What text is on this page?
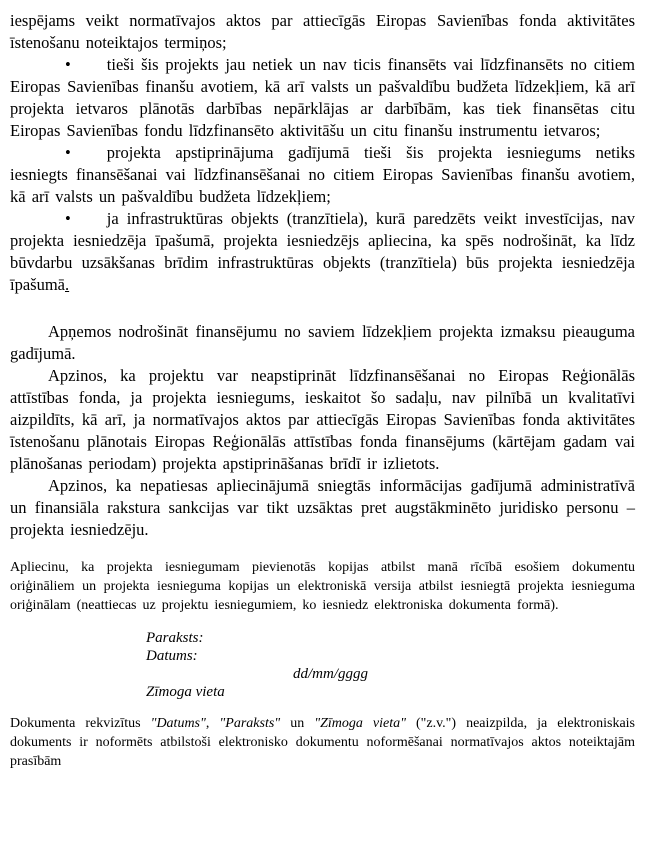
iespējams veikt normatīvajos aktos par attiecīgās Eiropas Savienības fonda aktivitātes īstenošanu noteiktajos termiņos;

• tieši šis projekts jau netiek un nav ticis finansēts vai līdzfinansēts no citiem Eiropas Savienības finanšu avotiem, kā arī valsts un pašvaldību budžeta līdzekļiem, kā arī projekta ietvaros plānotās darbības nepārklājas ar darbībām, kas tiek finansētas citu Eiropas Savienības fondu līdzfinansēto aktivitāšu un citu finanšu instrumentu ietvaros;

• projekta apstiprinājuma gadījumā tieši šis projekta iesniegums netiks iesniegts finansēšanai vai līdzfinansēšanai no citiem Eiropas Savienības finanšu avotiem, kā arī valsts un pašvaldību budžeta līdzekļiem;

• ja infrastruktūras objekts (tranzītiela), kurā paredzēts veikt investīcijas, nav projekta iesniedzēja īpašumā, projekta iesniedzējs apliecina, ka spēs nodrošināt, ka līdz būvdarbu uzsākšanas brīdim infrastruktūras objekts (tranzītiela) būs projekta iesniedzēja īpašumā.

Apņemos nodrošināt finansējumu no saviem līdzekļiem projekta izmaksu pieauguma gadījumā.

Apzinos, ka projektu var neapstiprināt līdzfinansēšanai no Eiropas Reģionālās attīstības fonda, ja projekta iesniegums, ieskaitot šo sadaļu, nav pilnībā un kvalitatīvi aizpildīts, kā arī, ja normatīvajos aktos par attiecīgās Eiropas Savienības fonda aktivitātes īstenošanu plānotais Eiropas Reģionālās attīstības fonda finansējums (kārtējam gadam vai plānošanas periodam) projekta apstiprināšanas brīdī ir izlietots.

Apzinos, ka nepatiesas apliecinājumā sniegtās informācijas gadījumā administratīvā un finansiāla rakstura sankcijas var tikt uzsāktas pret augstākminēto juridisko personu – projekta iesniedzēju.

Apliecinu, ka projekta iesniegumam pievienotās kopijas atbilst manā rīcībā esošiem dokumentu oriģināliem un projekta iesnieguma kopijas un elektroniskā versija atbilst iesniegtā projekta iesnieguma oriģinālam (neattiecas uz projektu iesniegumiem, ko iesniedz elektroniska dokumenta formā).

Paraksts:

Datums:

dd/mm/gggg

Zīmoga vieta

Dokumenta rekvizītus "Datums", "Paraksts" un "Zīmoga vieta" ("z.v.") neaizpilda, ja elektroniskais dokuments ir noformēts atbilstoši elektronisko dokumentu noformēšanai normatīvajos aktos noteiktajām prasībām
